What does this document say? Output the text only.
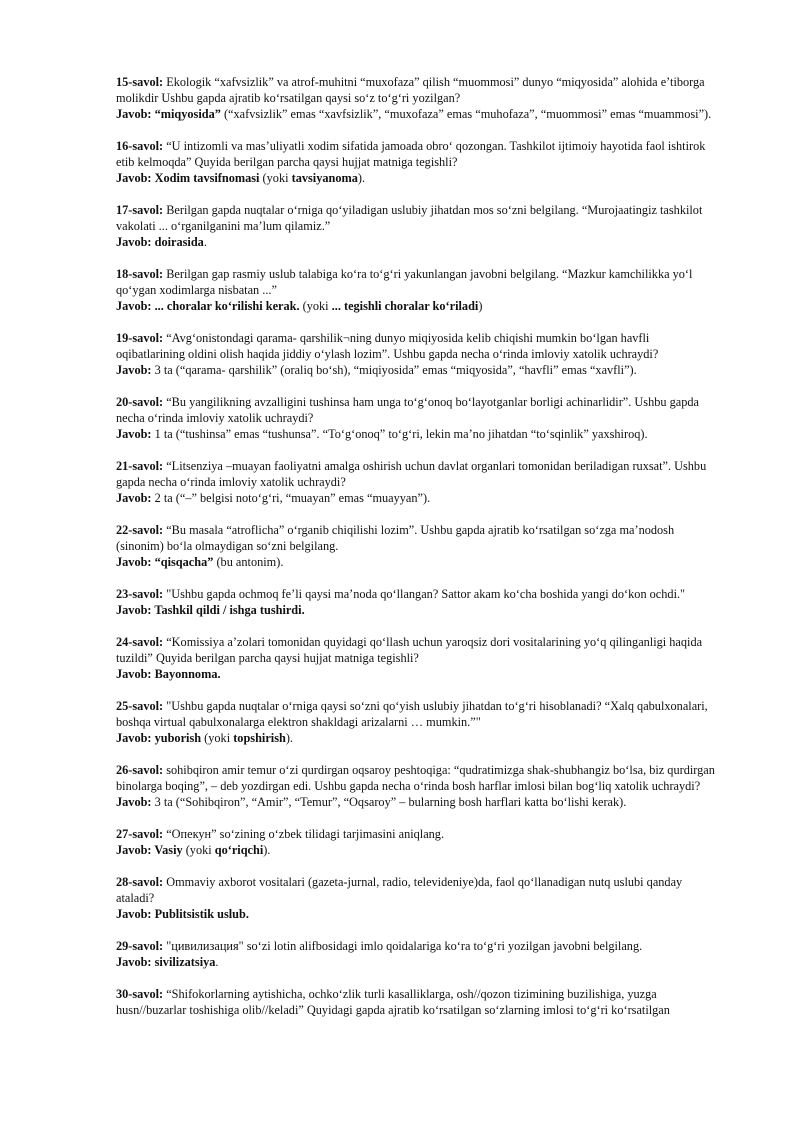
15-savol: Ekologik “xafvsizlik” va atrof-muhitni “muxofaza” qilish “muommosi” dunyo “miqyosida” alohida e’tiborga molikdir Ushbu gapda ajratib ko‘rsatilgan qaysi so‘z to‘g‘ri yozilgan?

Javob: “miqyosida” (“xafvsizlik” emas “xavfsizlik”, “muxofaza” emas “muhofaza”, “muommosi” emas “muammosi”).

16-savol: “U intizomli va mas’uliyatli xodim sifatida jamoada obro‘ qozongan. Tashkilot ijtimoiy hayotida faol ishtirok etib kelmoqda” Quyida berilgan parcha qaysi hujjat matniga tegishli?

Javob: Xodim tavsifnomasi (yoki tavsiyanoma).

17-savol: Berilgan gapda nuqtalar o‘rniga qo‘yiladigan uslubiy jihatdan mos so‘zni belgilang. “Murojaatingiz tashkilot vakolati ... o‘rganilganini ma’lum qilamiz.”

Javob: doirasida.

18-savol: Berilgan gap rasmiy uslub talabiga ko‘ra to‘g‘ri yakunlangan javobni belgilang. “Mazkur kamchilikka yo‘l qo‘ygan xodimlarga nisbatan ...”

Javob: ... choralar ko‘rilishi kerak. (yoki ... tegishli choralar ko‘riladi)

19-savol: “Avg‘onistondagi qarama- qarshilik¬ning dunyo miqiyosida kelib chiqishi mumkin bo‘lgan havfli oqibatlarining oldini olish haqida jiddiy o‘ylash lozim”. Ushbu gapda necha o‘rinda imloviy xatolik uchraydi?

Javob: 3 ta (“qarama- qarshilik” (oraliq bo‘sh), “miqiyosida” emas “miqyosida”, “havfli” emas “xavfli”).

20-savol: “Bu yangilikning avzalligini tushinsa ham unga to‘g‘onoq bo‘layotganlar borligi achinarlidir”. Ushbu gapda necha o‘rinda imloviy xatolik uchraydi?

Javob: 1 ta (“tushinsa” emas “tushunsa”. “To‘g‘onoq” to‘g‘ri, lekin ma’no jihatdan “to‘sqinlik” yaxshiroq).

21-savol: “Litsenziya –muayan faoliyatni amalga oshirish uchun davlat organlari tomonidan beriladigan ruxsat”. Ushbu gapda necha o‘rinda imloviy xatolik uchraydi?

Javob: 2 ta (“–” belgisi noto‘g‘ri, “muayan” emas “muayyan”).

22-savol: “Bu masala “atroflicha” o‘rganib chiqilishi lozim”. Ushbu gapda ajratib ko‘rsatilgan so‘zga ma’nodosh (sinonim) bo‘la olmaydigan so‘zni belgilang.

Javob: “qisqacha” (bu antonim).

23-savol: "Ushbu gapda ochmoq fe’li qaysi ma’noda qo‘llangan? Sattor akam ko‘cha boshida yangi do‘kon ochdi."

Javob: Tashkil qildi / ishga tushirdi.

24-savol: “Komissiya a’zolari tomonidan quyidagi qo‘llash uchun yaroqsiz dori vositalarining yo‘q qilinganligi haqida tuzildi” Quyida berilgan parcha qaysi hujjat matniga tegishli?

Javob: Bayonnoma.

25-savol: "Ushbu gapda nuqtalar o‘rniga qaysi so‘zni qo‘yish uslubiy jihatdan to‘g‘ri hisoblanadi? “Xalq qabulxonalari, boshqa virtual qabulxonalarga elektron shakldagi arizalarni … mumkin.”"

Javob: yuborish (yoki topshirish).

26-savol: sohibqiron amir temur o‘zi qurdirgan oqsaroy peshtoqiga: “qudratimizga shak-shubhangiz bo‘lsa, biz qurdirgan binolarga boqing”, – deb yozdirgan edi. Ushbu gapda necha o‘rinda bosh harflar imlosi bilan bog‘liq xatolik uchraydi?

Javob: 3 ta (“Sohibqiron”, “Amir”, “Temur”, “Oqsaroy” – bularning bosh harflari katta bo‘lishi kerak).

27-savol: “Опекун” so‘zining o‘zbek tilidagi tarjimasini aniqlang.

Javob: Vasiy (yoki qo‘riqchi).

28-savol: Ommaviy axborot vositalari (gazeta-jurnal, radio, televideniye)da, faol qo‘llanadigan nutq uslubi qanday ataladi?

Javob: Publitsistik uslub.

29-savol: "цивилизация" so‘zi lotin alifbosidagi imlo qoidalariga ko‘ra to‘g‘ri yozilgan javobni belgilang.

Javob: sivilizatsiya.

30-savol: “Shifokorlarning aytishicha, ochko‘zlik turli kasalliklarga, osh//qozon tizimining buzilishiga, yuzga husn//buzarlar toshishiga olib//keladi” Quyidagi gapda ajratib ko‘rsatilgan so‘zlarning imlosi to‘g‘ri ko‘rsatilgan
